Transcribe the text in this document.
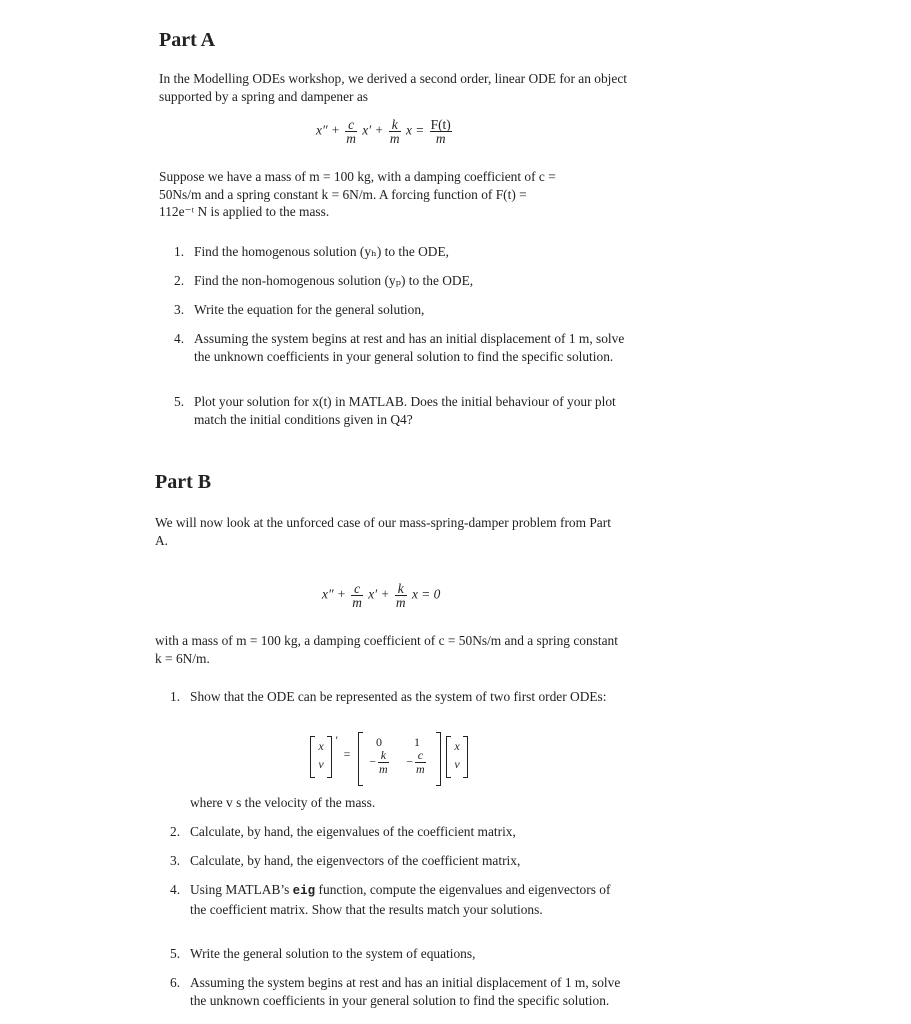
Part A
In the Modelling ODEs workshop, we derived a second order, linear ODE for an object supported by a spring and dampener as
$x'' + \frac{c}{m} x' + \frac{k}{m}$ $x = \frac{F(t)}{m}$
Suppose we have a mass of m = 100 kg, with a damping coefficient of c =
50Ns/m and a spring constant k = 6N/m. A forcing function of F(t) =
112e⁻ᵗ N is applied to the mass.
1. Find the homogenous solution (yₕ) to the ODE,
2. Find the non-homogenous solution (yₚ) to the ODE,
3. Write the equation for the general solution,
4. Assuming the system begins at rest and has an initial displacement of 1 m, solve the unknown coefficients in your general solution to find the specific solution.
5. Plot your solution for x(t) in MATLAB. Does the initial behaviour of your plot match the initial conditions given in Q4?
Part B
We will now look at the unforced case of our mass-spring-damper problem from Part A.
$x'' + \frac{c}{m} x' + \frac{k}{m}$ x = 0
with a mass of m = 100 kg, a damping coefficient of c = 50Ns/m and a spring constant k = 6N/m.
1. Show that the ODE can be represented as the system of two first order ODEs:
x
v
′
=
0	1
− $\frac{k}{m}$	− $\frac{c}{m}$
x
v
where v s the velocity of the mass.
2. Calculate, by hand, the eigenvalues of the coefficient matrix,
3. Calculate, by hand, the eigenvectors of the coefficient matrix,
4. Using MATLAB’s eig function, compute the eigenvalues and eigenvectors of the coefficient matrix. Show that the results match your solutions.
5. Write the general solution to the system of equations,
6. Assuming the system begins at rest and has an initial displacement of 1 m, solve the unknown coefficients in your general solution to find the specific solution.
